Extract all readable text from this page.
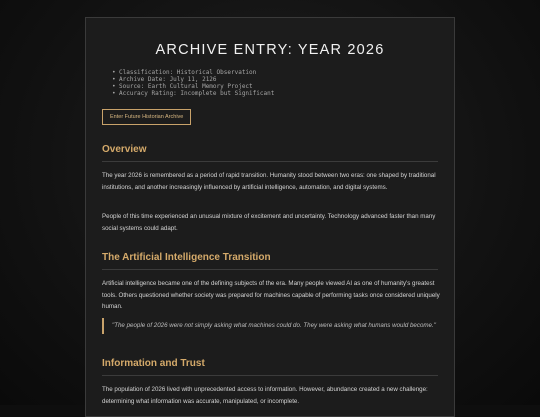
ARCHIVE ENTRY: YEAR 2026
• Classification: Historical Observation
• Archive Date: July 11, 2126
• Source: Earth Cultural Memory Project
• Accuracy Rating: Incomplete but Significant
Enter Future Historian Archive
Overview

The year 2026 is remembered as a period of rapid transition. Humanity stood between two eras: one shaped by traditional institutions, and another increasingly influenced by artificial intelligence, automation, and digital systems.

People of this time experienced an unusual mixture of excitement and uncertainty. Technology advanced faster than many social systems could adapt.

The Artificial Intelligence Transition

Artificial intelligence became one of the defining subjects of the era. Many people viewed AI as one of humanity's greatest tools. Others questioned whether society was prepared for machines capable of performing tasks once considered uniquely human.

"The people of 2026 were not simply asking what machines could do. They were asking what humans would become."
Information and Trust

The population of 2026 lived with unprecedented access to information. However, abundance created a new challenge: determining what information was accurate, manipulated, or incomplete.
